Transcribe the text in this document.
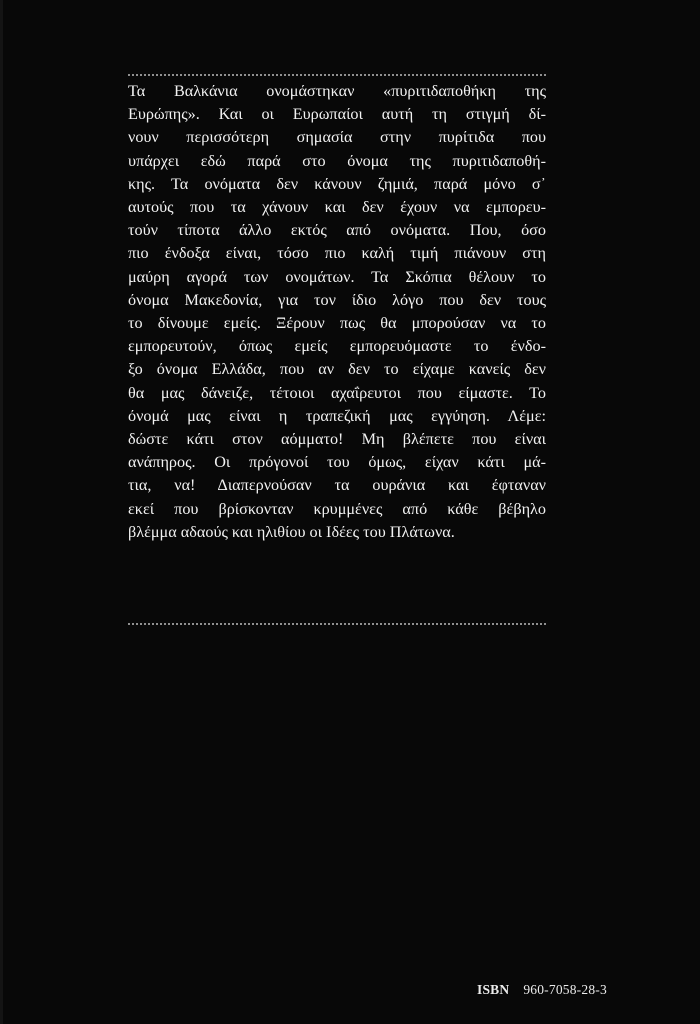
Τα Βαλκάνια ονομάστηκαν «πυριτιδαποθήκη της
Ευρώπης». Και οι Ευρωπαίοι αυτή τη στιγμή δί-
νουν περισσότερη σημασία στην πυρίτιδα που
υπάρχει εδώ παρά στο όνομα της πυριτιδαποθή-
κης. Τα ονόματα δεν κάνουν ζημιά, παρά μόνο σ᾽
αυτούς που τα χάνουν και δεν έχουν να εμπορευ-
τούν τίποτα άλλο εκτός από ονόματα. Που, όσο
πιο ένδοξα είναι, τόσο πιο καλή τιμή πιάνουν στη
μαύρη αγορά των ονομάτων. Τα Σκόπια θέλουν το
όνομα Μακεδονία, για τον ίδιο λόγο που δεν τους
το δίνουμε εμείς. Ξέρουν πως θα μπορούσαν να το
εμπορευτούν, όπως εμείς εμπορευόμαστε το ένδο-
ξο όνομα Ελλάδα, που αν δεν το είχαμε κανείς δεν
θα μας δάνειζε, τέτοιοι αχαΐρευτοι που είμαστε. Το
όνομά μας είναι η τραπεζική μας εγγύηση. Λέμε:
δώστε κάτι στον αόμματο! Μη βλέπετε που είναι
ανάπηρος. Οι πρόγονοί του όμως, είχαν κάτι μά-
τια, να! Διαπερνούσαν τα ουράνια και έφταναν
εκεί που βρίσκονταν κρυμμένες από κάθε βέβηλο
βλέμμα αδαούς και ηλιθίου οι Ιδέες του Πλάτωνα.
ISBN 960-7058-28-3
